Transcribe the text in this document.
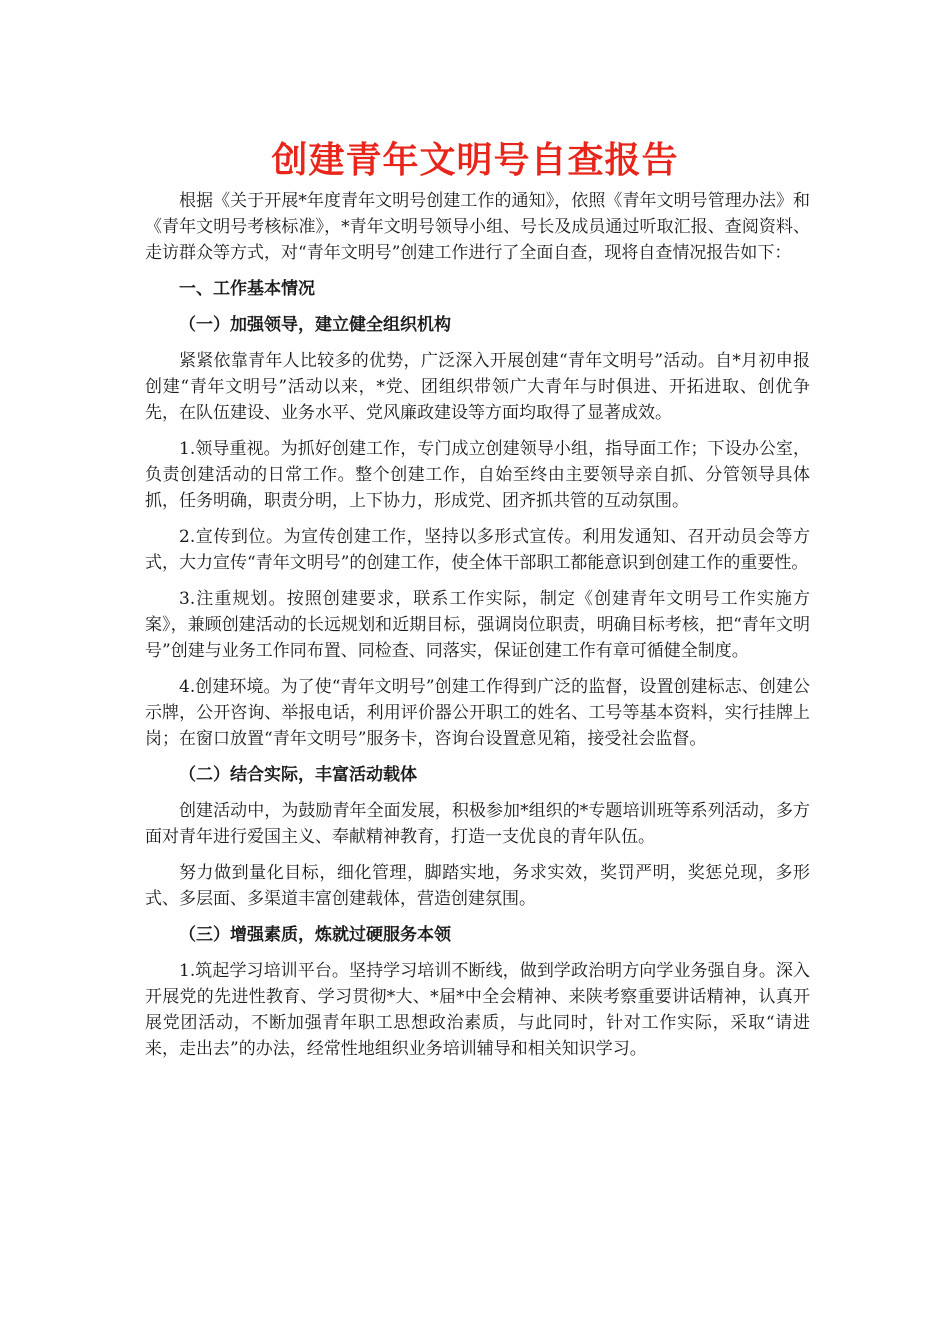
创建青年文明号自查报告

根据《关于开展*年度青年文明号创建工作的通知》，依照《青年文明号管理办法》和《青年文明号考核标准》，*青年文明号领导小组、号长及成员通过听取汇报、查阅资料、走访群众等方式，对“青年文明号”创建工作进行了全面自查，现将自查情况报告如下：

一、工作基本情况
（一）加强领导，建立健全组织机构

紧紧依靠青年人比较多的优势，广泛深入开展创建“青年文明号”活动。自*月初申报创建“青年文明号”活动以来，*党、团组织带领广大青年与时俱进、开拓进取、创优争先，在队伍建设、业务水平、党风廉政建设等方面均取得了显著成效。

1.领导重视。为抓好创建工作，专门成立创建领导小组，指导面工作；下设办公室，负责创建活动的日常工作。整个创建工作，自始至终由主要领导亲自抓、分管领导具体抓，任务明确，职责分明，上下协力，形成党、团齐抓共管的互动氛围。

2.宣传到位。为宣传创建工作，坚持以多形式宣传。利用发通知、召开动员会等方式，大力宣传“青年文明号”的创建工作，使全体干部职工都能意识到创建工作的重要性。

3.注重规划。按照创建要求，联系工作实际，制定《创建青年文明号工作实施方案》，兼顾创建活动的长远规划和近期目标，强调岗位职责，明确目标考核，把“青年文明号”创建与业务工作同布置、同检查、同落实，保证创建工作有章可循健全制度。

4.创建环境。为了使“青年文明号”创建工作得到广泛的监督，设置创建标志、创建公示牌，公开咨询、举报电话，利用评价器公开职工的姓名、工号等基本资料，实行挂牌上岗；在窗口放置“青年文明号”服务卡，咨询台设置意见箱，接受社会监督。

（二）结合实际，丰富活动载体

创建活动中，为鼓励青年全面发展，积极参加*组织的*专题培训班等系列活动，多方面对青年进行爱国主义、奉献精神教育，打造一支优良的青年队伍。

努力做到量化目标，细化管理，脚踏实地，务求实效，奖罚严明，奖惩兑现，多形式、多层面、多渠道丰富创建载体，营造创建氛围。

（三）增强素质，炼就过硬服务本领

1.筑起学习培训平台。坚持学习培训不断线，做到学政治明方向学业务强自身。深入开展党的先进性教育、学习贯彻*大、*届*中全会精神、来陕考察重要讲话精神，认真开展党团活动，不断加强青年职工思想政治素质，与此同时，针对工作实际，采取“请进来，走出去”的办法，经常性地组织业务培训辅导和相关知识学习。
